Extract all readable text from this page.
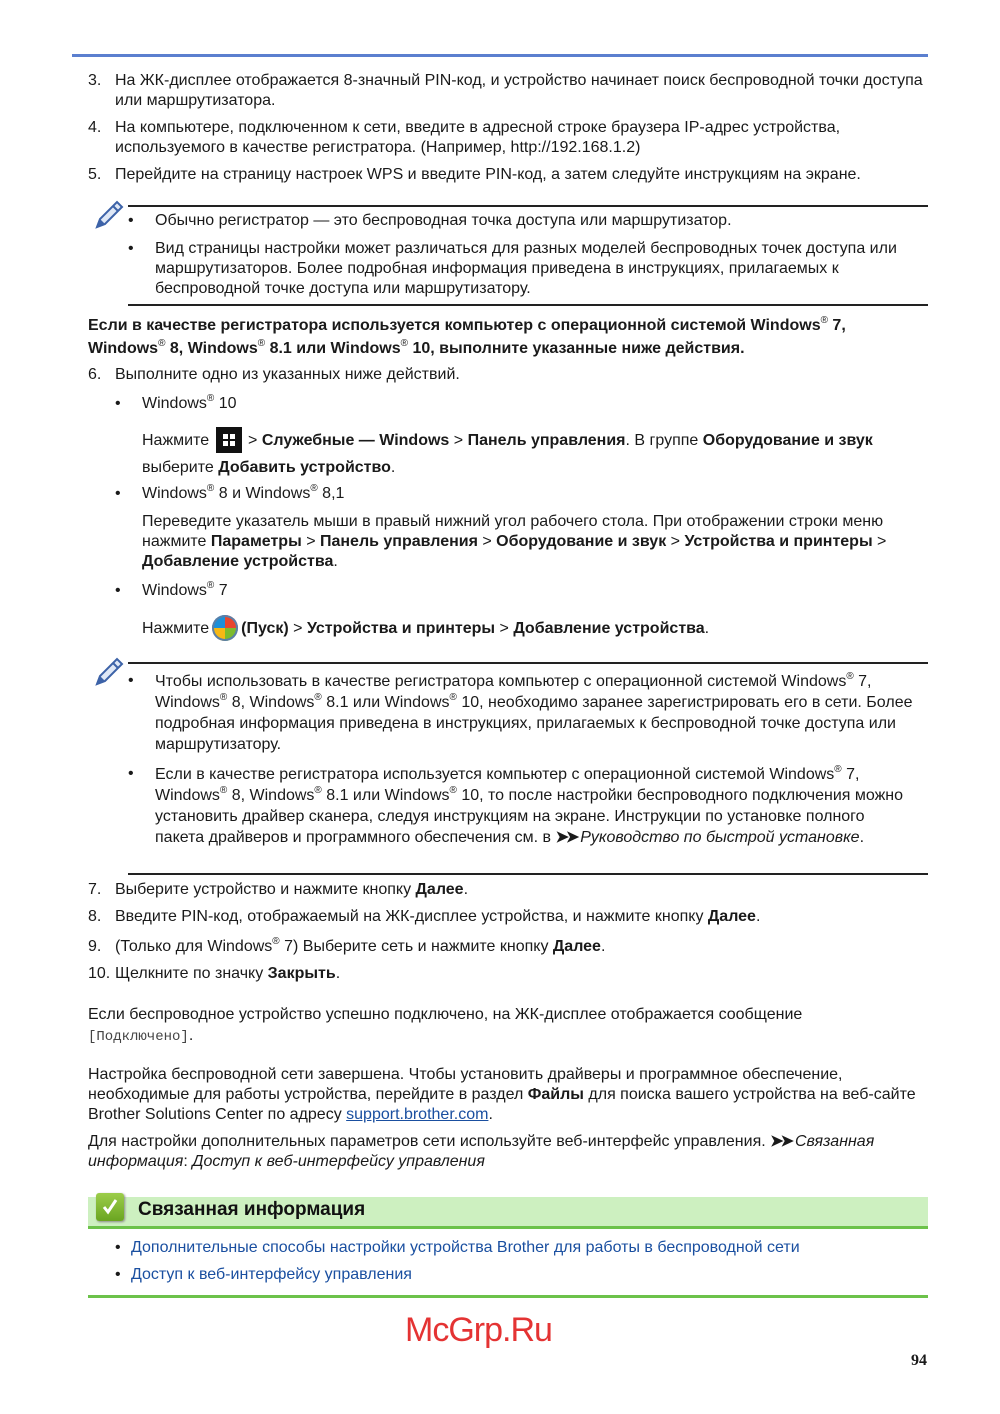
3. На ЖК-дисплее отображается 8-значный PIN-код, и устройство начинает поиск беспроводной точки доступа или маршрутизатора.
4. На компьютере, подключенном к сети, введите в адресной строке браузера IP-адрес устройства, используемого в качестве регистратора. (Например, http://192.168.1.2)
5. Перейдите на страницу настроек WPS и введите PIN-код, а затем следуйте инструкциям на экране.
• Обычно регистратор — это беспроводная точка доступа или маршрутизатор.
• Вид страницы настройки может различаться для разных моделей беспроводных точек доступа или маршрутизаторов. Более подробная информация приведена в инструкциях, прилагаемых к беспроводной точке доступа или маршрутизатору.
Если в качестве регистратора используется компьютер с операционной системой Windows® 7, Windows® 8, Windows® 8.1 или Windows® 10, выполните указанные ниже действия.
6. Выполните одно из указанных ниже действий.
• Windows® 10
Нажмите  > Служебные — Windows > Панель управления. В группе Оборудование и звук выберите Добавить устройство.
• Windows® 8 и Windows® 8,1
Переведите указатель мыши в правый нижний угол рабочего стола. При отображении строки меню нажмите Параметры > Панель управления > Оборудование и звук > Устройства и принтеры > Добавление устройства.
• Windows® 7
Нажмите (Пуск) > Устройства и принтеры > Добавление устройства.
• Чтобы использовать в качестве регистратора компьютер с операционной системой Windows® 7, Windows® 8, Windows® 8.1 или Windows® 10, необходимо заранее зарегистрировать его в сети. Более подробная информация приведена в инструкциях, прилагаемых к беспроводной точке доступа или маршрутизатору.
• Если в качестве регистратора используется компьютер с операционной системой Windows® 7, Windows® 8, Windows® 8.1 или Windows® 10, то после настройки беспроводного подключения можно установить драйвер сканера, следуя инструкциям на экране. Инструкции по установке полного пакета драйверов и программного обеспечения см. в ➤➤ Руководство по быстрой установке.
7. Выберите устройство и нажмите кнопку Далее.
8. Введите PIN-код, отображаемый на ЖК-дисплее устройства, и нажмите кнопку Далее.
9. (Только для Windows® 7) Выберите сеть и нажмите кнопку Далее.
10. Щелкните по значку Закрыть.
Если беспроводное устройство успешно подключено, на ЖК-дисплее отображается сообщение [Подключено].
Настройка беспроводной сети завершена. Чтобы установить драйверы и программное обеспечение, необходимые для работы устройства, перейдите в раздел Файлы для поиска вашего устройства на веб-сайте Brother Solutions Center по адресу support.brother.com.
Для настройки дополнительных параметров сети используйте веб-интерфейс управления. ➤➤ Связанная информация: Доступ к веб-интерфейсу управления
Связанная информация
• Дополнительные способы настройки устройства Brother для работы в беспроводной сети
• Доступ к веб-интерфейсу управления
94
McGrp.Ru
